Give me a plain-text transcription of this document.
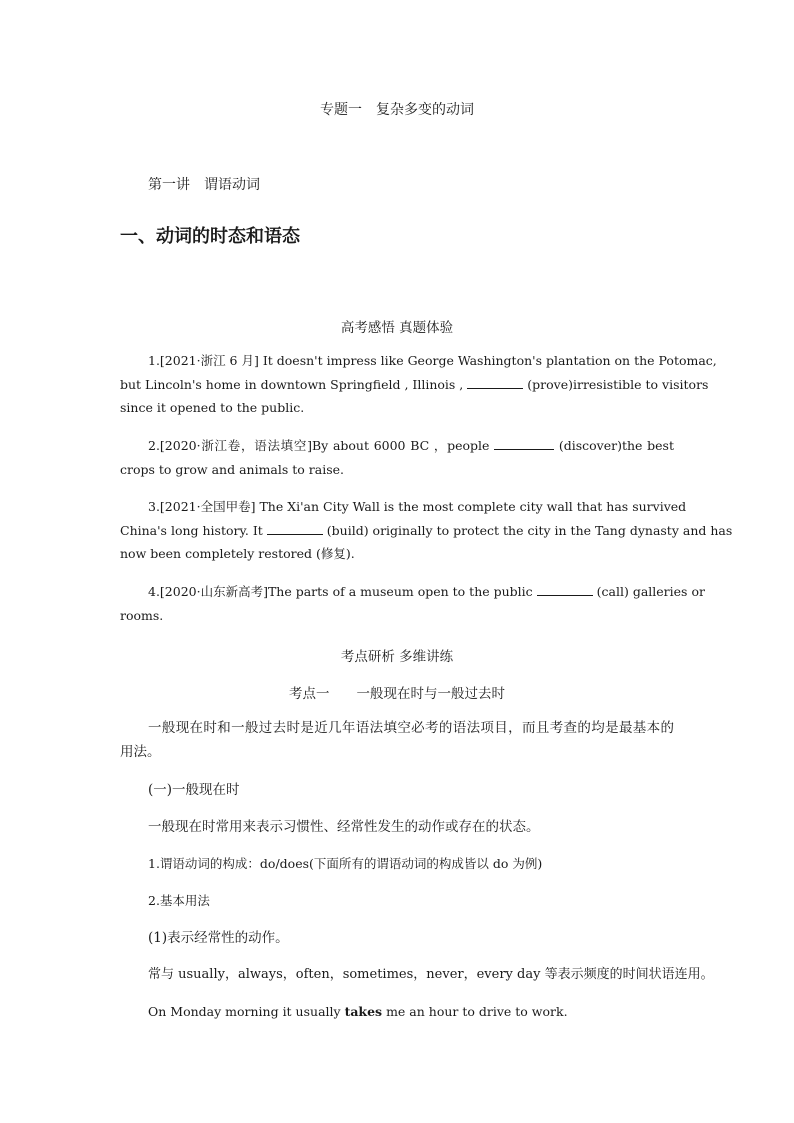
专题一　复杂多变的动词
第一讲　谓语动词
一、动词的时态和语态
高考感悟 真题体验
1.[2021·浙江 6 月] It doesn't impress like George Washington's plantation on the Potomac,
but Lincoln's home in downtown Springfield , Illinois ,	(prove)irresistible to visitors
since it opened to the public.
2.[2020·浙江卷，语法填空]By about 6000 BC ，people	(discover)the best
crops to grow and animals to raise.
3.[2021·全国甲卷] The Xi'an City Wall is the most complete city wall that has survived
China's long history. It	(build) originally to protect the city in the Tang dynasty and has
now been completely restored (修复).
4.[2020·山东新高考]The parts of a museum open to the public	(call) galleries or
rooms.
考点研析 多维讲练
考点一　　一般现在时与一般过去时
一般现在时和一般过去时是近几年语法填空必考的语法项目，而且考查的均是最基本的
用法。
(一)一般现在时
一般现在时常用来表示习惯性、经常性发生的动作或存在的状态。
1.谓语动词的构成：do/does(下面所有的谓语动词的构成皆以 do 为例)
2.基本用法
(1)表示经常性的动作。
常与 usually，always，often，sometimes，never，every day 等表示频度的时间状语连用。
On Monday morning it usually takes me an hour to drive to work.
